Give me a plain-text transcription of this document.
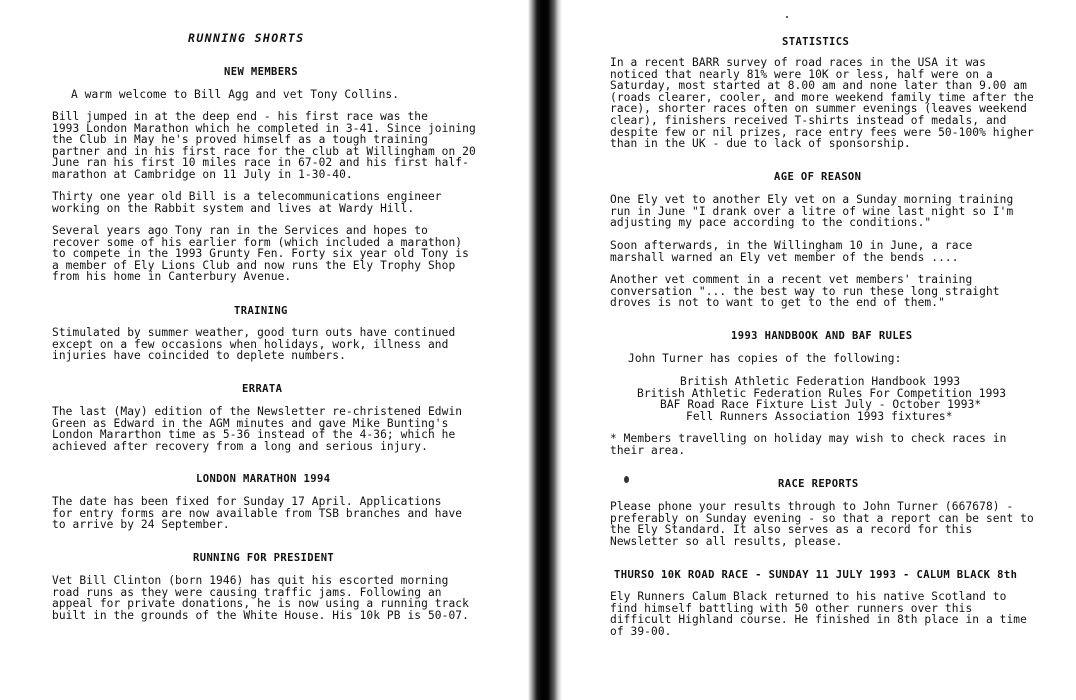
RUNNING SHORTS
NEW MEMBERS

A warm welcome to Bill Agg and vet Tony Collins.

Bill jumped in at the deep end - his first race was the
1993 London Marathon which he completed in 3-41. Since joining
the Club in May he's proved himself as a tough training
partner and in his first race for the club at Willingham on 20
June ran his first 10 miles race in 67-02 and his first half-
marathon at Cambridge on 11 July in 1-30-40.

Thirty one year old Bill is a telecommunications engineer
working on the Rabbit system and lives at Wardy Hill.

Several years ago Tony ran in the Services and hopes to
recover some of his earlier form (which included a marathon)
to compete in the 1993 Grunty Fen. Forty six year old Tony is
a member of Ely Lions Club and now runs the Ely Trophy Shop
from his home in Canterbury Avenue.

TRAINING

Stimulated by summer weather, good turn outs have continued
except on a few occasions when holidays, work, illness and
injuries have coincided to deplete numbers.

ERRATA

The last (May) edition of the Newsletter re-christened Edwin
Green as Edward in the AGM minutes and gave Mike Bunting's
London Mararthon time as 5-36 instead of the 4-36; which he
achieved after recovery from a long and serious injury.

LONDON MARATHON 1994

The date has been fixed for Sunday 17 April. Applications
for entry forms are now available from TSB branches and have
to arrive by 24 September.

RUNNING FOR PRESIDENT

Vet Bill Clinton (born 1946) has quit his escorted morning
road runs as they were causing traffic jams. Following an
appeal for private donations, he is now using a running track
built in the grounds of the White House. His 10k PB is 50-07.

STATISTICS

In a recent BARR survey of road races in the USA it was
noticed that nearly 81% were 10K or less, half were on a
Saturday, most started at 8.00 am and none later than 9.00 am
(roads clearer, cooler, and more weekend family time after the
race), shorter races often on summer evenings (leaves weekend
clear), finishers received T-shirts instead of medals, and
despite few or nil prizes, race entry fees were 50-100% higher
than in the UK - due to lack of sponsorship.

AGE OF REASON

One Ely vet to another Ely vet on a Sunday morning training
run in June "I drank over a litre of wine last night so I'm
adjusting my pace according to the conditions."

Soon afterwards, in the Willingham 10 in June, a race
marshall warned an Ely vet member of the bends ....

Another vet comment in a recent vet members' training
conversation "... the best way to run these long straight
droves is not to want to get to the end of them."

1993 HANDBOOK AND BAF RULES

John Turner has copies of the following:

British Athletic Federation Handbook 1993

British Athletic Federation Rules For Competition 1993

BAF Road Race Fixture List July - October 1993*

Fell Runners Association 1993 fixtures*

* Members travelling on holiday may wish to check races in
their area.

RACE REPORTS

Please phone your results through to John Turner (667678) -
preferably on Sunday evening - so that a report can be sent to
the Ely Standard. It also serves as a record for this
Newsletter so all results, please.

THURSO 10K ROAD RACE - SUNDAY 11 JULY 1993 - CALUM BLACK 8th

Ely Runners Calum Black returned to his native Scotland to
find himself battling with 50 other runners over this
difficult Highland course. He finished in 8th place in a time
of 39-00.
